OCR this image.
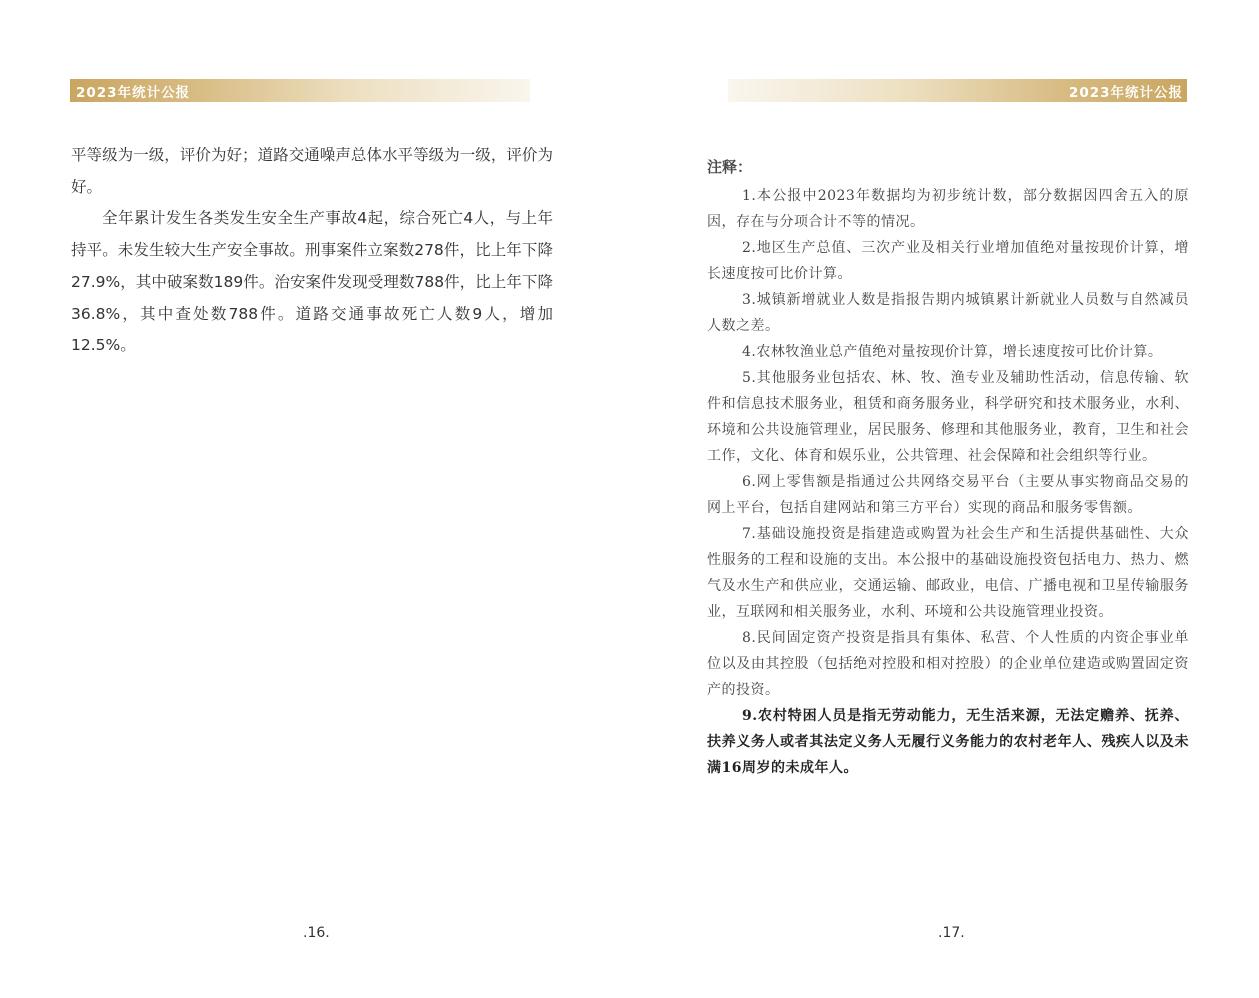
2023年统计公报

平等级为一级，评价为好；道路交通噪声总体水平等级为一级，评价为好。

全年累计发生各类发生安全生产事故4起，综合死亡4人，与上年持平。未发生较大生产安全事故。刑事案件立案数278件，比上年下降27.9%，其中破案数189件。治安案件发现受理数788件，比上年下降36.8%，其中查处数788件。道路交通事故死亡人数9人，增加12.5%。

.16.
2023年统计公报
注释：

1.本公报中2023年数据均为初步统计数，部分数据因四舍五入的原因，存在与分项合计不等的情况。

2.地区生产总值、三次产业及相关行业增加值绝对量按现价计算，增长速度按可比价计算。

3.城镇新增就业人数是指报告期内城镇累计新就业人员数与自然减员人数之差。

4.农林牧渔业总产值绝对量按现价计算，增长速度按可比价计算。

5.其他服务业包括农、林、牧、渔专业及辅助性活动，信息传输、软件和信息技术服务业，租赁和商务服务业，科学研究和技术服务业，水利、环境和公共设施管理业，居民服务、修理和其他服务业，教育，卫生和社会工作，文化、体育和娱乐业，公共管理、社会保障和社会组织等行业。

6.网上零售额是指通过公共网络交易平台（主要从事实物商品交易的网上平台，包括自建网站和第三方平台）实现的商品和服务零售额。

7.基础设施投资是指建造或购置为社会生产和生活提供基础性、大众性服务的工程和设施的支出。本公报中的基础设施投资包括电力、热力、燃气及水生产和供应业，交通运输、邮政业，电信、广播电视和卫星传输服务业，互联网和相关服务业，水利、环境和公共设施管理业投资。

8.民间固定资产投资是指具有集体、私营、个人性质的内资企事业单位以及由其控股（包括绝对控股和相对控股）的企业单位建造或购置固定资产的投资。

9.农村特困人员是指无劳动能力，无生活来源，无法定赡养、抚养、扶养义务人或者其法定义务人无履行义务能力的农村老年人、残疾人以及未满16周岁的未成年人。

.17.
